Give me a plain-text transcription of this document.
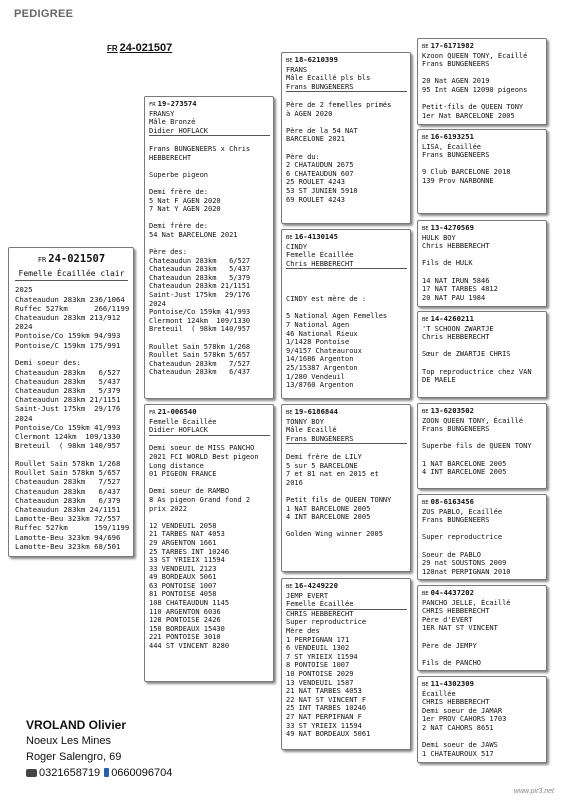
PEDIGREE
FR 24-021507
FR 24-021507
Femelle Écaillée clair
2025
Chateaudun 283km 236/1064
Ruffec 527km      266/1199
Chateaudun 283km 213/912
2024
Pontoise/Co 159km 94/993
Pontoise/C 159km 175/991
Demi soeur des:
Chateaudun 283km   6/527
Chateaudun 283km   5/437
Chateaudun 283km   5/379
Chateaudun 283km 21/1151
Saint-Just 175km  29/176
2024
Pontoise/Co 159km 41/993
Clermont 124km  109/1330
Breteuil  ( 98km 140/957
Roullet Sain 578km 1/268
Roullet Sain 578km 5/657
Chateaudun 283km   7/527
Chateaudun 283km   6/437
Chateaudun 283km   6/379
Chateaudun 283km 24/1151
Lamotte-Beu 323km 72/557
Ruffec 527km      159/1199
Lamotte-Beu 323km 94/696
Lamotte-Beu 323km 68/501
FR 19-273574
FRANSY
Mâle Bronzé
Didier HOFLACK
Frans BUNGENEERS x Chris
HEBBERECHT
Superbe pigeon
Demi frère de:
5 Nat F AGEN 2020
7 Nat Y AGEN 2020
Demi frère de:
54 Nat BARCELONE 2021
Père des:
Chateaudun 283km   6/527
Chateaudun 283km   5/437
Chateaudun 283km   5/379
Chateaudun 283km 21/1151
Saint-Just 175km  29/176
2024
Pontoise/Co 159km 41/993
Clermont 124km  109/1330
Breteuil  ( 98km 140/957
Roullet Sain 578km 1/268
Roullet Sain 578km 5/657
Chateaudun 283km   7/527
Chateaudun 283km   6/437
FR 21-006540
Femelle Écaillée
Didier HOFLACK
Demi soeur de MISS PANCHO
2021 FCI WORLD Best pigeon
Long distance
01 PIGEON FRANCE
Demi soeur de RAMBO
8 As pigeon Grand fond 2
prix 2022
12 VENDEUIL 2058
21 TARBES NAT 4053
29 ARGENTON 1661
25 TARBES INT 10246
33 ST YRIEIX 11594
33 VENDEUIL 2123
49 BORDEAUX 5061
63 PONTOISE 1007
81 PONTOISE 4058
108 CHATEAUDUN 1145
110 ARGENTON 6036
128 PONTOISE 2426
150 BORDEAUX 15430
221 PONTOISE 3010
444 ST VINCENT 8280
BE 18-6210399
FRANS
Mâle Écaillé pls bls
Frans BUNGENEERS
Père de 2 femelles primés
à AGEN 2020
Père de la 54 NAT
BARCELONE 2021
Père du:
2 CHATAUDUN 2675
6 CHATEAUDUN 607
25 ROULET 4243
53 ST JUNIEN 5910
69 ROULET 4243
BE 16-4130145
CINDY
Femelle Écaillée
Chris HEBBERECHT
CINDY est mère de :
5 National Agen Femelles
7 National Agen
46 National Rieux
1/1428 Pontoise
9/4157 Chateauroux
14/1686 Argenton
25/15387 Argenton
1/280 Vendeuil
13/8760 Argenton
BE 19-6186844
TONNY BOY
Mâle Écaillé
Frans BUNGENEERS
Demi frère de LILY
5 sur 5 BARCELONE
7 et 81 nat en 2015 et
2016
Petit fils de QUEEN TONNY
1 NAT BARCELONE 2005
4 INT BARCELONE 2005
Golden Wing winner 2005
BE 16-4249220
JEMP EVERT
Femelle Écaillée
CHRIS HEBBERECHT
Super reproductrice
Mère des
1 PERPIGNAN 171
6 VENDEUIL 1302
7 ST YRIEIX 11594
8 PONTOISE 1007
10 PONTOISE 2029
13 VENDEUIL 1587
21 NAT TARBES 4053
22 NAT ST VINCENT F
25 INT TARBES 10246
27 NAT PERPIFNAN F
33 ST YRIEIX 11594
49 NAT BORDEAUX 5061
BE 17-6171982
Kzoon QUEEN TONY, Écaillé
Frans BUNGENEERS
20 Nat AGEN 2019
95 Int AGEN 12090 pigeons
Petit-fils de QUEEN TONY
1er Nat BARCELONE 2005
BE 16-6193251
LISA, Écaillée
Frans BUNGENEERS
9 Club BARCELONE 2018
139 Prov NARBONNE
BE 13-4270569
HULK BOY
Chris HEBBERECHT
Fils de HULK
14 NAT IRUN 5846
17 NAT TARBES 4812
20 NAT PAU 1984
BE 14-4260211
'T SCHOON ZWARTJE
Chris HEBBERECHT
Sœur de ZWARTJE CHRIS
Top reproductrice chez VAN
DE MAELE
BE 13-6203502
ZOON QUEEN TONY, Écaillé
Frans BUNGENEERS
Superbe fils de QUEEN TONY
1 NAT BARCELONE 2005
4 INT BARCELONE 2005
BE 08-6163456
ZUS PABLO, Écaillée
Frans BUNGENEERS
Super reproductrice
Soeur de PABLO
29 nat SOUSTONS 2009
120nat PERPIGNAN 2010
BE 04-4437202
PANCHO JELLE, Écaillé
CHRIS HEBBERECHT
Père d'EVERT
1ER NAT ST VINCENT
Père de JEMPY
Fils de PANCHO
BE 11-4302309
Écaillée
CHRIS HEBBERECHT
Demi soeur de JAMAR
1er PROV CAHORS 1703
2 NAT CAHORS 8651
Demi soeur de JAWS
1 CHATEAUROUX 517
VROLAND Olivier
Noeux Les Mines
Roger Salengro, 69
0321658719 0660096704
www.pir3.net
